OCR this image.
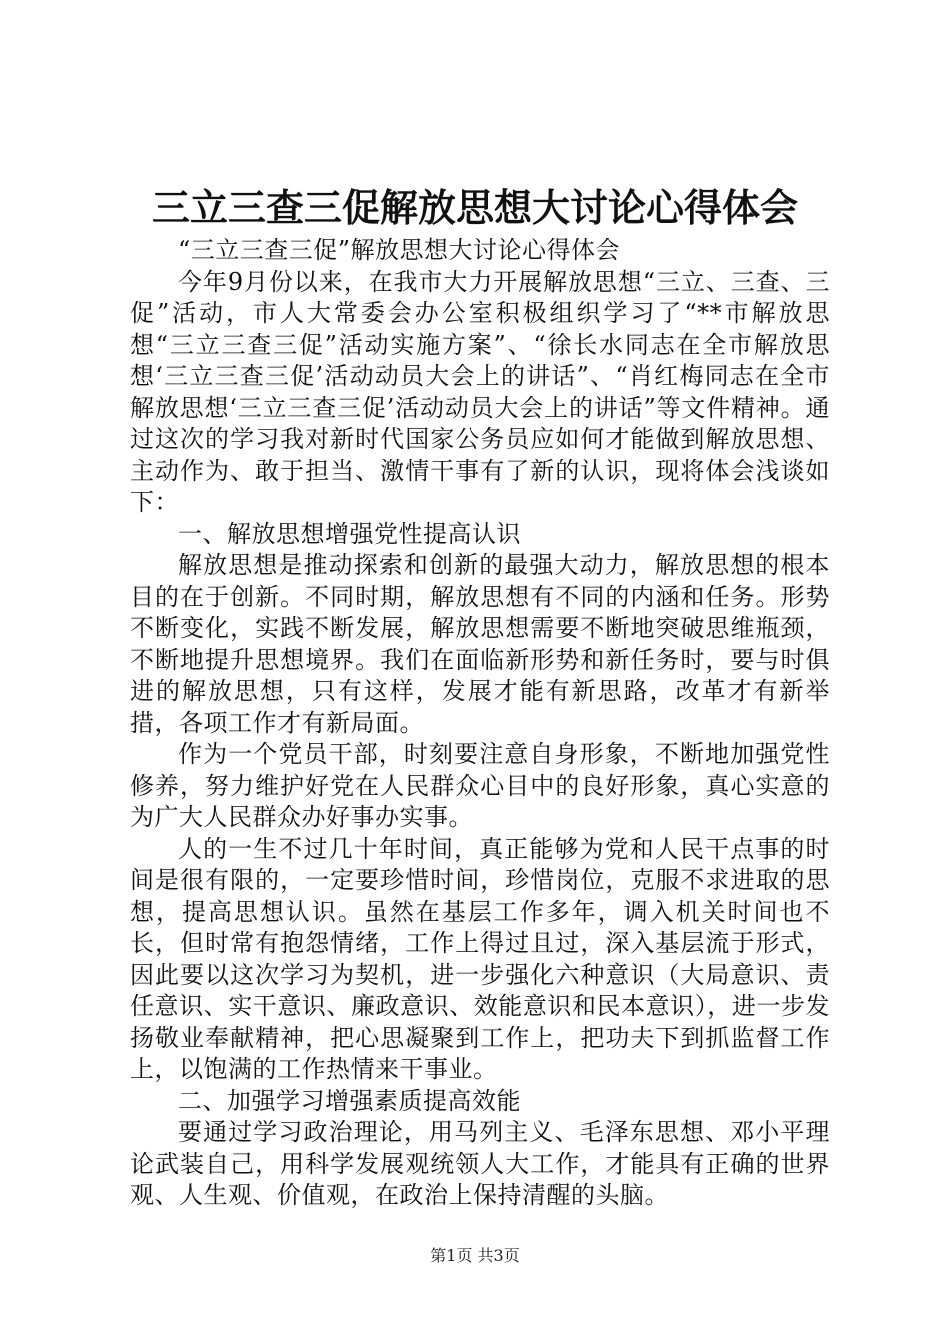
三立三查三促解放思想大讨论心得体会

“三立三查三促”解放思想大讨论心得体会

今年9月份以来，在我市大力开展解放思想“三立、三查、三促”活动，市人大常委会办公室积极组织学习了“**市解放思想“三立三查三促”活动实施方案”、“徐长水同志在全市解放思想‘三立三查三促’活动动员大会上的讲话”、“肖红梅同志在全市解放思想‘三立三查三促’活动动员大会上的讲话”等文件精神。通过这次的学习我对新时代国家公务员应如何才能做到解放思想、主动作为、敢于担当、激情干事有了新的认识，现将体会浅谈如下：

一、解放思想增强党性提高认识

解放思想是推动探索和创新的最强大动力，解放思想的根本目的在于创新。不同时期，解放思想有不同的内涵和任务。形势不断变化，实践不断发展，解放思想需要不断地突破思维瓶颈，不断地提升思想境界。我们在面临新形势和新任务时，要与时俱进的解放思想，只有这样，发展才能有新思路，改革才有新举措，各项工作才有新局面。

作为一个党员干部，时刻要注意自身形象，不断地加强党性修养，努力维护好党在人民群众心目中的良好形象，真心实意的为广大人民群众办好事办实事。

人的一生不过几十年时间，真正能够为党和人民干点事的时间是很有限的，一定要珍惜时间，珍惜岗位，克服不求进取的思想，提高思想认识。虽然在基层工作多年，调入机关时间也不长，但时常有抱怨情绪，工作上得过且过，深入基层流于形式，因此要以这次学习为契机，进一步强化六种意识（大局意识、责任意识、实干意识、廉政意识、效能意识和民本意识），进一步发扬敬业奉献精神，把心思凝聚到工作上，把功夫下到抓监督工作上，以饱满的工作热情来干事业。

二、加强学习增强素质提高效能

要通过学习政治理论，用马列主义、毛泽东思想、邓小平理论武装自己，用科学发展观统领人大工作，才能具有正确的世界观、人生观、价值观，在政治上保持清醒的头脑。

第1页 共3页
